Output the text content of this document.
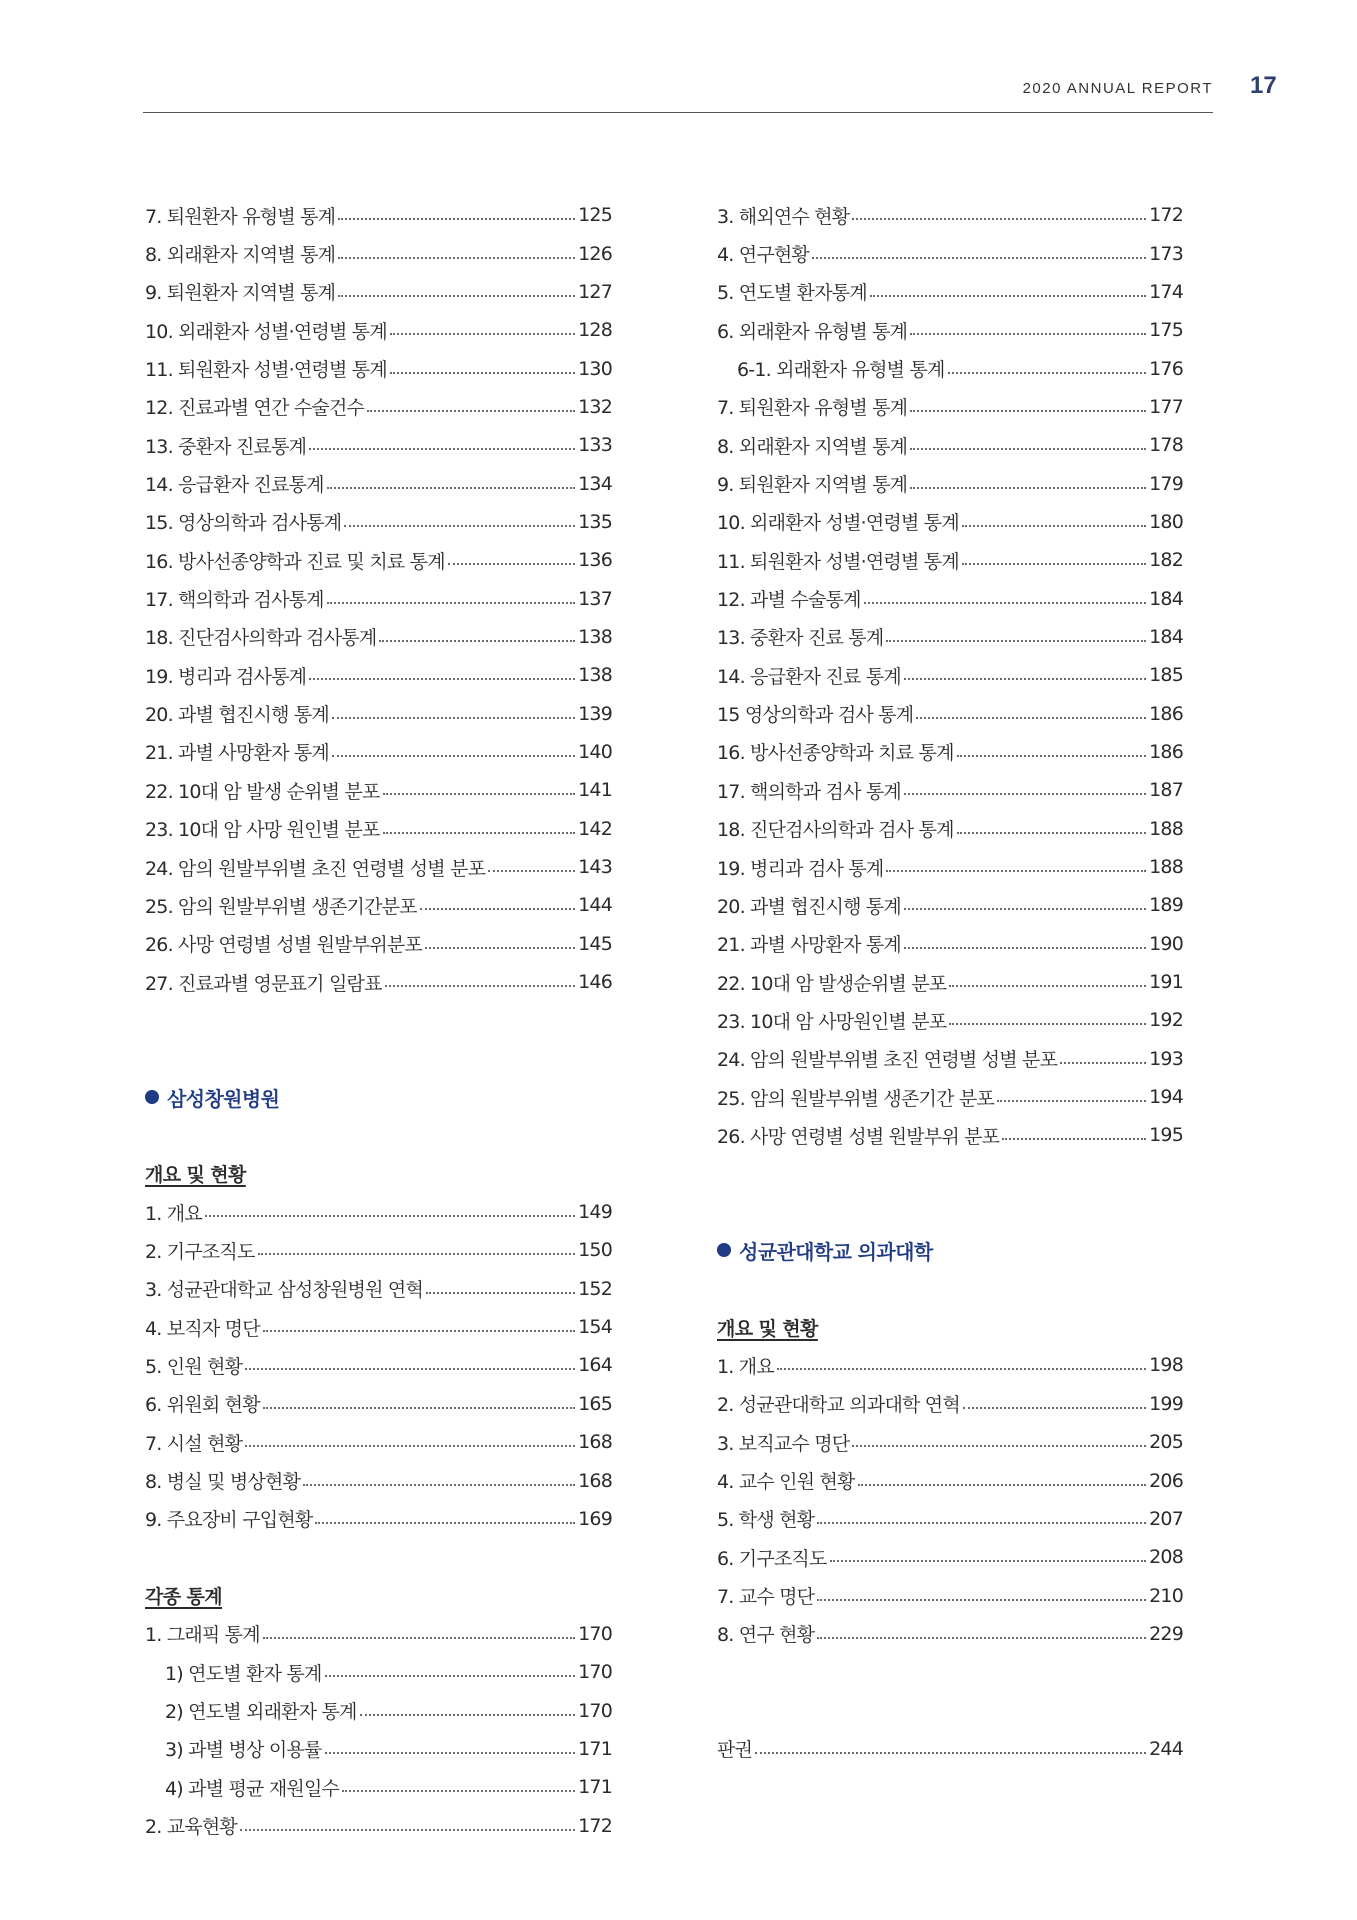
2020 ANNUAL REPORT 17
7. 퇴원환자 유형별 통계	125
8. 외래환자 지역별 통계	126
9. 퇴원환자 지역별 통계	127
10. 외래환자 성별·연령별 통계	128
11. 퇴원환자 성별·연령별 통계	130
12. 진료과별 연간 수술건수	132
13. 중환자 진료통계	133
14. 응급환자 진료통계	134
15. 영상의학과 검사통계	135
16. 방사선종양학과 진료 및 치료 통계	136
17. 핵의학과 검사통계	137
18. 진단검사의학과 검사통계	138
19. 병리과 검사통계	138
20. 과별 협진시행 통계	139
21. 과별 사망환자 통계	140
22. 10대 암 발생 순위별 분포	141
23. 10대 암 사망 원인별 분포	142
24. 암의 원발부위별 초진 연령별 성별 분포	143
25. 암의 원발부위별 생존기간분포	144
26. 사망 연령별 성별 원발부위분포	145
27. 진료과별 영문표기 일람표	146
삼성창원병원
개요 및 현황
1. 개요	149
2. 기구조직도	150
3. 성균관대학교 삼성창원병원 연혁	152
4. 보직자 명단	154
5. 인원 현황	164
6. 위원회 현황	165
7. 시설 현황	168
8. 병실 및 병상현황	168
9. 주요장비 구입현황	169
각종 통계
1. 그래픽 통계	170
1) 연도별 환자 통계	170
2) 연도별 외래환자 통계	170
3) 과별 병상 이용률	171
4) 과별 평균 재원일수	171
2. 교육현황	172
3. 해외연수 현황	172
4. 연구현황	173
5. 연도별 환자통계	174
6. 외래환자 유형별 통계	175
6-1. 외래환자 유형별 통계	176
7. 퇴원환자 유형별 통계	177
8. 외래환자 지역별 통계	178
9. 퇴원환자 지역별 통계	179
10. 외래환자 성별·연령별 통계	180
11. 퇴원환자 성별·연령별 통계	182
12. 과별 수술통계	184
13. 중환자 진료 통계	184
14. 응급환자 진료 통계	185
15 영상의학과 검사 통계	186
16. 방사선종양학과 치료 통계	186
17. 핵의학과 검사 통계	187
18. 진단검사의학과 검사 통계	188
19. 병리과 검사 통계	188
20. 과별 협진시행 통계	189
21. 과별 사망환자 통계	190
22. 10대 암 발생순위별 분포	191
23. 10대 암 사망원인별 분포	192
24. 암의 원발부위별 초진 연령별 성별 분포	193
25. 암의 원발부위별 생존기간 분포	194
26. 사망 연령별 성별 원발부위 분포	195
성균관대학교 의과대학
개요 및 현황
1. 개요	198
2. 성균관대학교 의과대학 연혁	199
3. 보직교수 명단	205
4. 교수 인원 현황	206
5. 학생 현황	207
6. 기구조직도	208
7. 교수 명단	210
8. 연구 현황	229
판권	244
